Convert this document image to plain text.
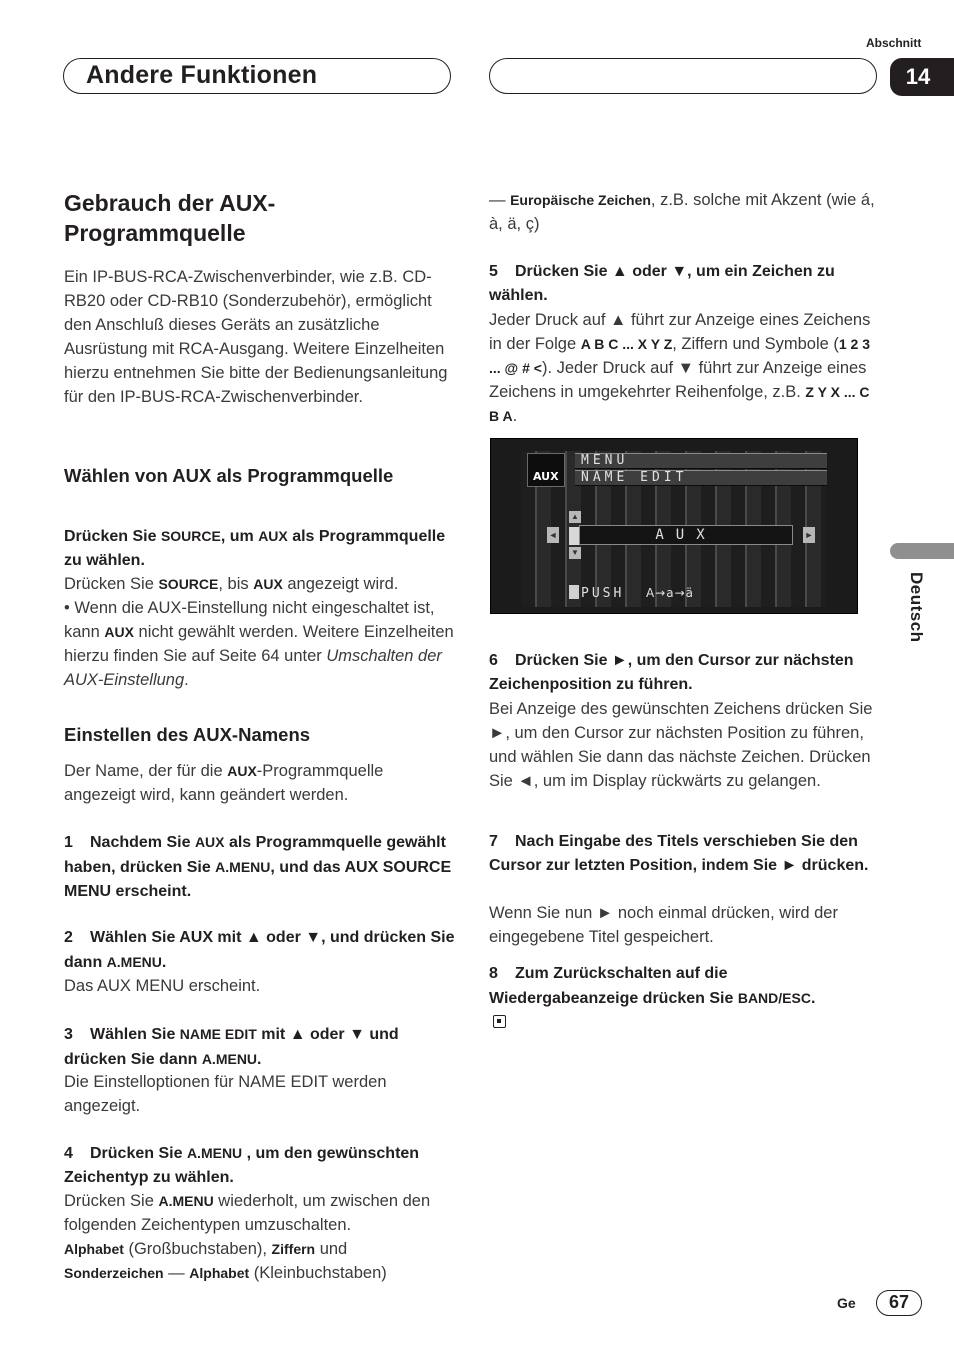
Abschnitt
Andere Funktionen	14
Deutsch
Gebrauch der AUX-Programmquelle
Ein IP-BUS-RCA-Zwischenverbinder, wie z.B. CD-RB20 oder CD-RB10 (Sonderzubehör), ermöglicht den Anschluß dieses Geräts an zusätzliche Ausrüstung mit RCA-Ausgang. Weitere Einzelheiten hierzu entnehmen Sie bitte der Bedienungsanleitung für den IP-BUS-RCA-Zwischenverbinder.
Wählen von AUX als Programmquelle
Drücken Sie SOURCE, um AUX als Programmquelle zu wählen.
Drücken Sie SOURCE, bis AUX angezeigt wird.
• Wenn die AUX-Einstellung nicht eingeschaltet ist, kann AUX nicht gewählt werden. Weitere Einzelheiten hierzu finden Sie auf Seite 64 unter Umschalten der AUX-Einstellung.
Einstellen des AUX-Namens
Der Name, der für die AUX-Programmquelle angezeigt wird, kann geändert werden.
1 Nachdem Sie AUX als Programmquelle gewählt haben, drücken Sie A.MENU, und das AUX SOURCE MENU erscheint.
2 Wählen Sie AUX mit ▲ oder ▼, und drücken Sie dann A.MENU.
Das AUX MENU erscheint.
3 Wählen Sie NAME EDIT mit ▲ oder ▼ und drücken Sie dann A.MENU.
Die Einstelloptionen für NAME EDIT werden angezeigt.
4 Drücken Sie A.MENU , um den gewünschten Zeichentyp zu wählen.
Drücken Sie A.MENU wiederholt, um zwischen den folgenden Zeichentypen umzuschalten.
Alphabet (Großbuchstaben), Ziffern und
Sonderzeichen — Alphabet (Kleinbuchstaben)
— Europäische Zeichen, z.B. solche mit Akzent (wie á, à, ä, ç)
5 Drücken Sie ▲ oder ▼, um ein Zeichen zu wählen.
Jeder Druck auf ▲ führt zur Anzeige eines Zeichens in der Folge A B C ... X Y Z, Ziffern und Symbole (1 2 3 ... @ # <). Jeder Druck auf ▼ führt zur Anzeige eines Zeichens in umgekehrter Reihenfolge, z.B. Z Y X ... C B A.
AUX
MENU
NAME EDIT
▲
▼
◄	AUX	►
PUSH A→a→ä
6 Drücken Sie ►, um den Cursor zur nächsten Zeichenposition zu führen.
Bei Anzeige des gewünschten Zeichens drücken Sie ►, um den Cursor zur nächsten Position zu führen, und wählen Sie dann das nächste Zeichen. Drücken Sie ◄, um im Display rückwärts zu gelangen.
7 Nach Eingabe des Titels verschieben Sie den Cursor zur letzten Position, indem Sie ► drücken.
Wenn Sie nun ► noch einmal drücken, wird der eingegebene Titel gespeichert.
8 Zum Zurückschalten auf die Wiedergabeanzeige drücken Sie BAND/ESC.

Ge	67
